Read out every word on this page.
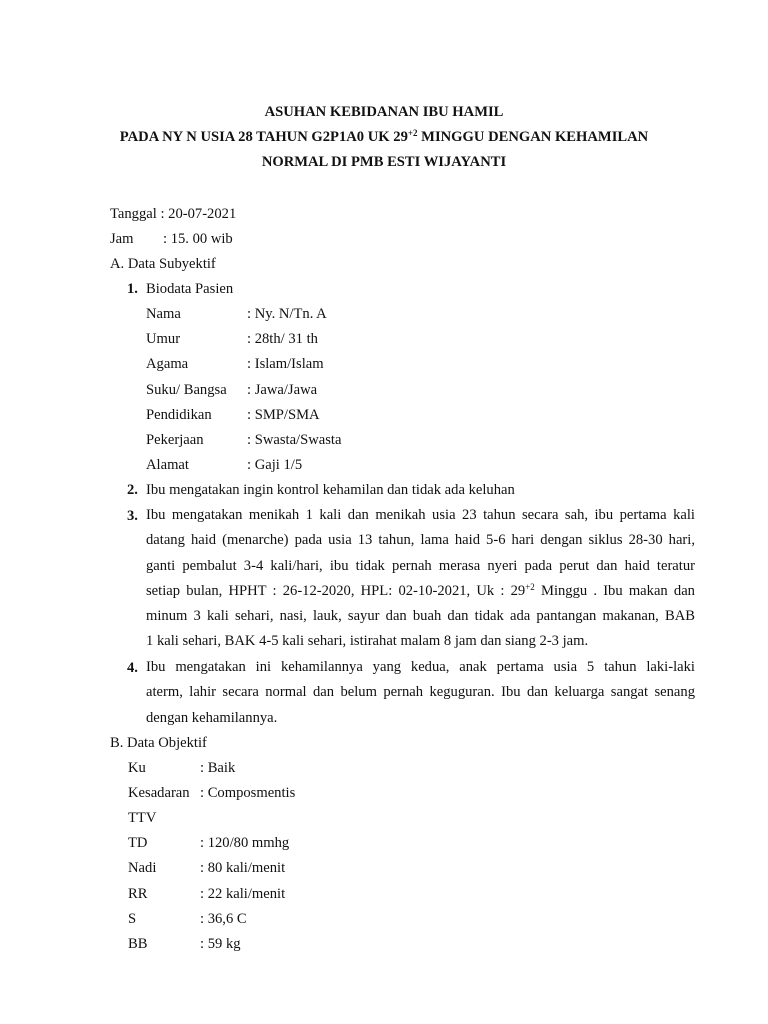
ASUHAN KEBIDANAN IBU HAMIL
PADA NY N USIA 28 TAHUN G2P1A0 UK $29^{+2}$ MINGGU DENGAN KEHAMILAN
NORMAL DI PMB ESTI WIJAYANTI
Tanggal : 20-07-2021
Jam : 15. 00 wib
A. Data Subyektif
1. Biodata Pasien
Nama	: Ny. N/Tn. A
Umur	: 28th/ 31 th
Agama	: Islam/Islam
Suku/ Bangsa : Jawa/Jawa
Pendidikan : SMP/SMA
Pekerjaan	: Swasta/Swasta
Alamat	: Gaji 1/5
2. Ibu mengatakan ingin kontrol kehamilan dan tidak ada keluhan
3. Ibu mengatakan menikah 1 kali dan menikah usia 23 tahun secara sah, ibu pertama kali
datang haid (menarche) pada usia 13 tahun, lama haid 5-6 hari dengan siklus 28-30 hari,
ganti pembalut 3-4 kali/hari, ibu tidak pernah merasa nyeri pada perut dan haid teratur
setiap bulan, HPHT : 26-12-2020, HPL: 02-10-2021, Uk : $29^{+2}$ Minggu . Ibu makan dan
minum 3 kali sehari, nasi, lauk, sayur dan buah dan tidak ada pantangan makanan, BAB
1 kali sehari, BAK 4-5 kali sehari, istirahat malam 8 jam dan siang 2-3 jam.
4. Ibu mengatakan ini kehamilannya yang kedua, anak pertama usia 5 tahun laki-laki
aterm, lahir secara normal dan belum pernah keguguran. Ibu dan keluarga sangat senang
dengan kehamilannya.
B. Data Objektif
Ku	: Baik
Kesadaran : Composmentis
TTV
TD	: 120/80 mmhg
Nadi	: 80 kali/menit
RR	: 22 kali/menit
S	: 36,6 C
BB	: 59 kg
